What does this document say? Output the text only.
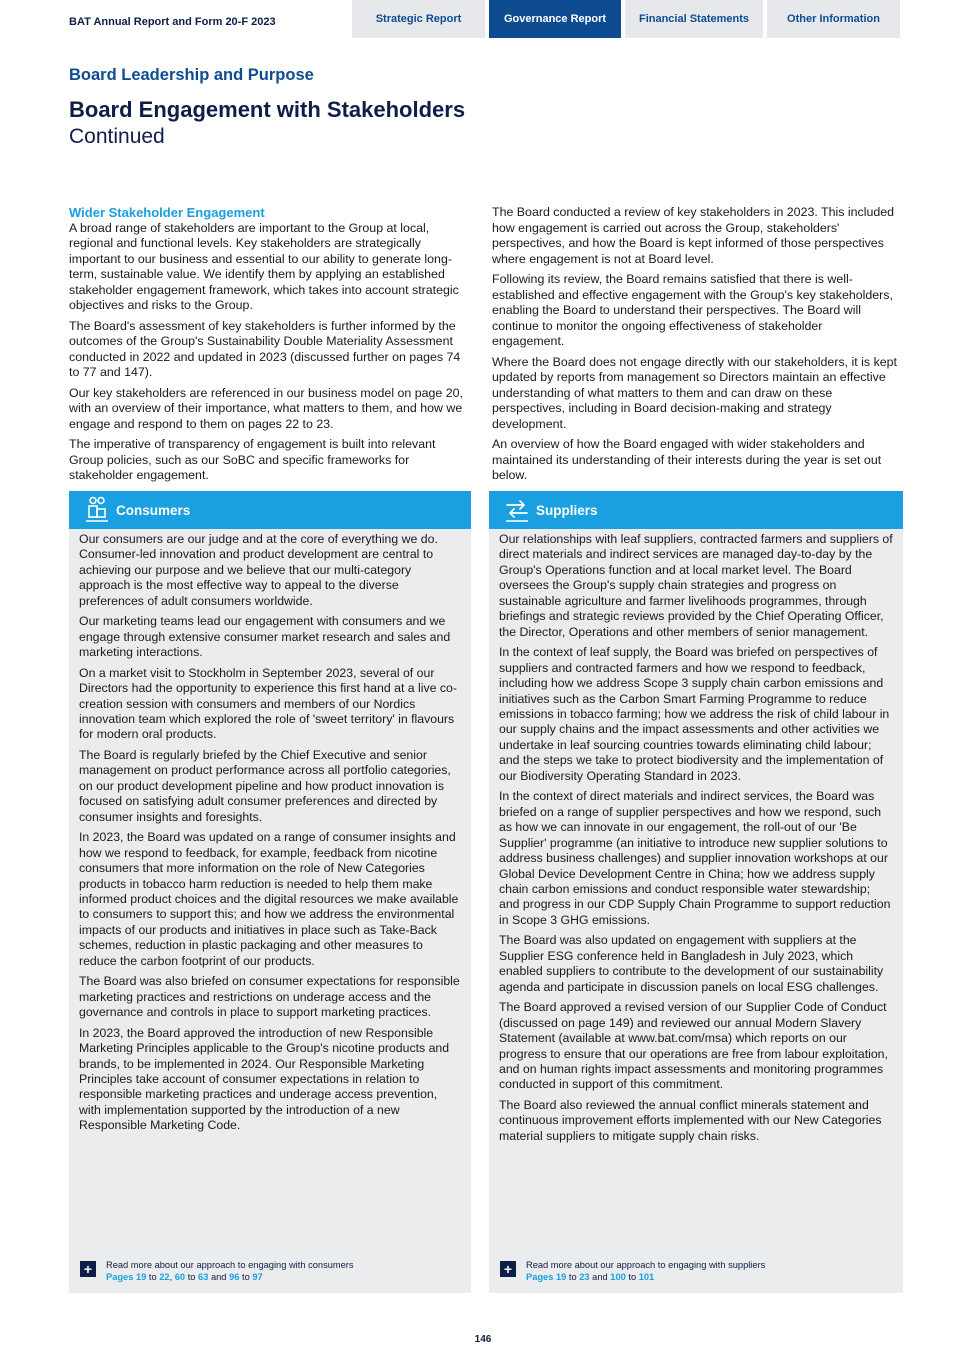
BAT Annual Report and Form 20-F 2023	Strategic Report	Governance Report	Financial Statements	Other Information
Board Leadership and Purpose
Board Engagement with Stakeholders
Continued
Wider Stakeholder Engagement

A broad range of stakeholders are important to the Group at local, regional and functional levels. Key stakeholders are strategically important to our business and essential to our ability to generate long-term, sustainable value. We identify them by applying an established stakeholder engagement framework, which takes into account strategic objectives and risks to the Group.

The Board's assessment of key stakeholders is further informed by the outcomes of the Group's Sustainability Double Materiality Assessment conducted in 2022 and updated in 2023 (discussed further on pages 74 to 77 and 147).

Our key stakeholders are referenced in our business model on page 20, with an overview of their importance, what matters to them, and how we engage and respond to them on pages 22 to 23.

The imperative of transparency of engagement is built into relevant Group policies, such as our SoBC and specific frameworks for stakeholder engagement.

The Board conducted a review of key stakeholders in 2023. This included how engagement is carried out across the Group, stakeholders' perspectives, and how the Board is kept informed of those perspectives where engagement is not at Board level.

Following its review, the Board remains satisfied that there is well-established and effective engagement with the Group's key stakeholders, enabling the Board to understand their perspectives. The Board will continue to monitor the ongoing effectiveness of stakeholder engagement.

Where the Board does not engage directly with our stakeholders, it is kept updated by reports from management so Directors maintain an effective understanding of what matters to them and can draw on these perspectives, including in Board decision-making and strategy development.

An overview of how the Board engaged with wider stakeholders and maintained its understanding of their interests during the year is set out below.

Consumers

Our consumers are our judge and at the core of everything we do. Consumer-led innovation and product development are central to achieving our purpose and we believe that our multi-category approach is the most effective way to appeal to the diverse preferences of adult consumers worldwide.

Our marketing teams lead our engagement with consumers and we engage through extensive consumer market research and sales and marketing interactions.

On a market visit to Stockholm in September 2023, several of our Directors had the opportunity to experience this first hand at a live co-creation session with consumers and members of our Nordics innovation team which explored the role of 'sweet territory' in flavours for modern oral products.

The Board is regularly briefed by the Chief Executive and senior management on product performance across all portfolio categories, on our product development pipeline and how product innovation is focused on satisfying adult consumer preferences and directed by consumer insights and foresights.

In 2023, the Board was updated on a range of consumer insights and how we respond to feedback, for example, feedback from nicotine consumers that more information on the role of New Categories products in tobacco harm reduction is needed to help them make informed product choices and the digital resources we make available to consumers to support this; and how we address the environmental impacts of our products and initiatives in place such as Take-Back schemes, reduction in plastic packaging and other measures to reduce the carbon footprint of our products.

The Board was also briefed on consumer expectations for responsible marketing practices and restrictions on underage access and the governance and controls in place to support marketing practices.

In 2023, the Board approved the introduction of new Responsible Marketing Principles applicable to the Group's nicotine products and brands, to be implemented in 2024. Our Responsible Marketing Principles take account of consumer expectations in relation to responsible marketing practices and underage access prevention, with implementation supported by the introduction of a new Responsible Marketing Code.

+	Read more about our approach to engaging with consumers
Pages 19 to 22, 60 to 63 and 96 to 97
Suppliers

Our relationships with leaf suppliers, contracted farmers and suppliers of direct materials and indirect services are managed day-to-day by the Group's Operations function and at local market level. The Board oversees the Group's supply chain strategies and progress on sustainable agriculture and farmer livelihoods programmes, through briefings and strategic reviews provided by the Chief Operating Officer, the Director, Operations and other members of senior management.

In the context of leaf supply, the Board was briefed on perspectives of suppliers and contracted farmers and how we respond to feedback, including how we address Scope 3 supply chain carbon emissions and initiatives such as the Carbon Smart Farming Programme to reduce emissions in tobacco farming; how we address the risk of child labour in our supply chains and the impact assessments and other activities we undertake in leaf sourcing countries towards eliminating child labour; and the steps we take to protect biodiversity and the implementation of our Biodiversity Operating Standard in 2023.

In the context of direct materials and indirect services, the Board was briefed on a range of supplier perspectives and how we respond, such as how we can innovate in our engagement, the roll-out of our 'Be Supplier' programme (an initiative to introduce new supplier solutions to address business challenges) and supplier innovation workshops at our Global Device Development Centre in China; how we address supply chain carbon emissions and conduct responsible water stewardship; and progress in our CDP Supply Chain Programme to support reduction in Scope 3 GHG emissions.

The Board was also updated on engagement with suppliers at the Supplier ESG conference held in Bangladesh in July 2023, which enabled suppliers to contribute to the development of our sustainability agenda and participate in discussion panels on local ESG challenges.

The Board approved a revised version of our Supplier Code of Conduct (discussed on page 149) and reviewed our annual Modern Slavery Statement (available at www.bat.com/msa) which reports on our progress to ensure that our operations are free from labour exploitation, and on human rights impact assessments and monitoring programmes conducted in support of this commitment.

The Board also reviewed the annual conflict minerals statement and continuous improvement efforts implemented with our New Categories material suppliers to mitigate supply chain risks.

+	Read more about our approach to engaging with suppliers
Pages 19 to 23 and 100 to 101
146
